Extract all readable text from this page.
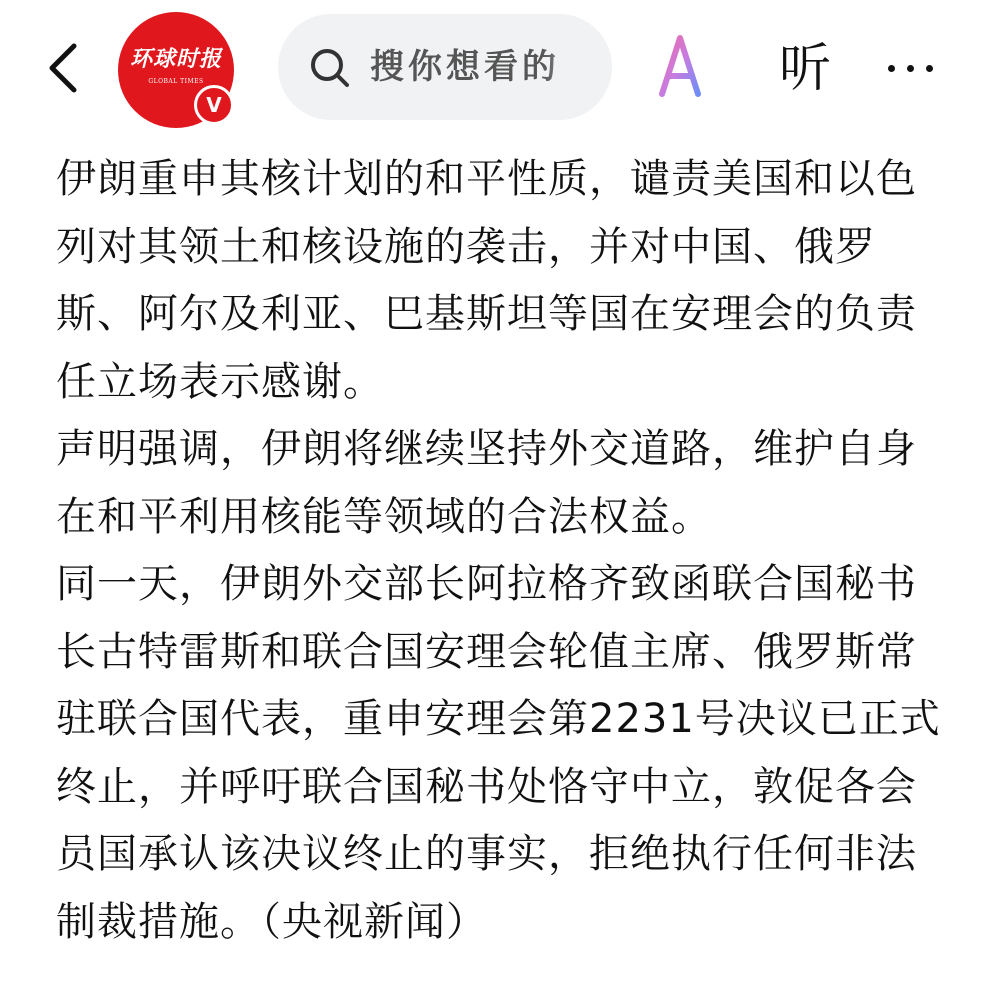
环球时报
GLOBAL TIMES
V
搜你想看的
听

伊朗重申其核计划的和平性质，谴责美国和以色列对其领土和核设施的袭击，并对中国、俄罗斯、阿尔及利亚、巴基斯坦等国在安理会的负责任立场表示感谢。

声明强调，伊朗将继续坚持外交道路，维护自身在和平利用核能等领域的合法权益。

同一天，伊朗外交部长阿拉格齐致函联合国秘书长古特雷斯和联合国安理会轮值主席、俄罗斯常驻联合国代表，重申安理会第2231号决议已正式终止，并呼吁联合国秘书处恪守中立，敦促各会员国承认该决议终止的事实，拒绝执行任何非法制裁措施。（央视新闻）
